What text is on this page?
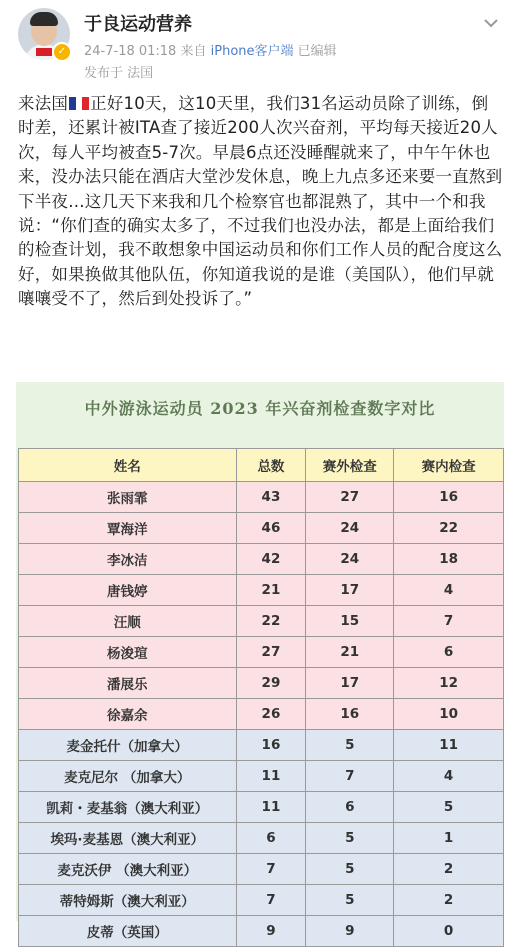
✓
于良运动营养
24-7-18 01:18 来自 iPhone客户端 已编辑
发布于 法国
来法国 正好10天，这10天里，我们31名运动员除了训练，倒时差，还累计被ITA查了接近200人次兴奋剂，平均每天接近20人次，每人平均被查5-7次。早晨6点还没睡醒就来了，中午午休也来，没办法只能在酒店大堂沙发休息，晚上九点多还来要一直熬到下半夜…这几天下来我和几个检察官也都混熟了，其中一个和我说：“你们查的确实太多了，不过我们也没办法，都是上面给我们的检查计划，我不敢想象中国运动员和你们工作人员的配合度这么好，如果换做其他队伍，你知道我说的是谁（美国队），他们早就嚷嚷受不了，然后到处投诉了。”
中外游泳运动员 2023 年兴奋剂检查数字对比
姓名	总数	赛外检查	赛内检查
张雨霏	43	27	16
覃海洋	46	24	22
李冰洁	42	24	18
唐钱婷	21	17	4
汪顺	22	15	7
杨浚瑄	27	21	6
潘展乐	29	17	12
徐嘉余	26	16	10
麦金托什（加拿大）	16	5	11
麦克尼尔 （加拿大）	11	7	4
凯莉・麦基翁（澳大利亚）	11	6	5
埃玛·麦基恩（澳大利亚）	6	5	1
麦克沃伊 （澳大利亚）	7	5	2
蒂特姆斯（澳大利亚）	7	5	2
皮蒂（英国）	9	9	0
